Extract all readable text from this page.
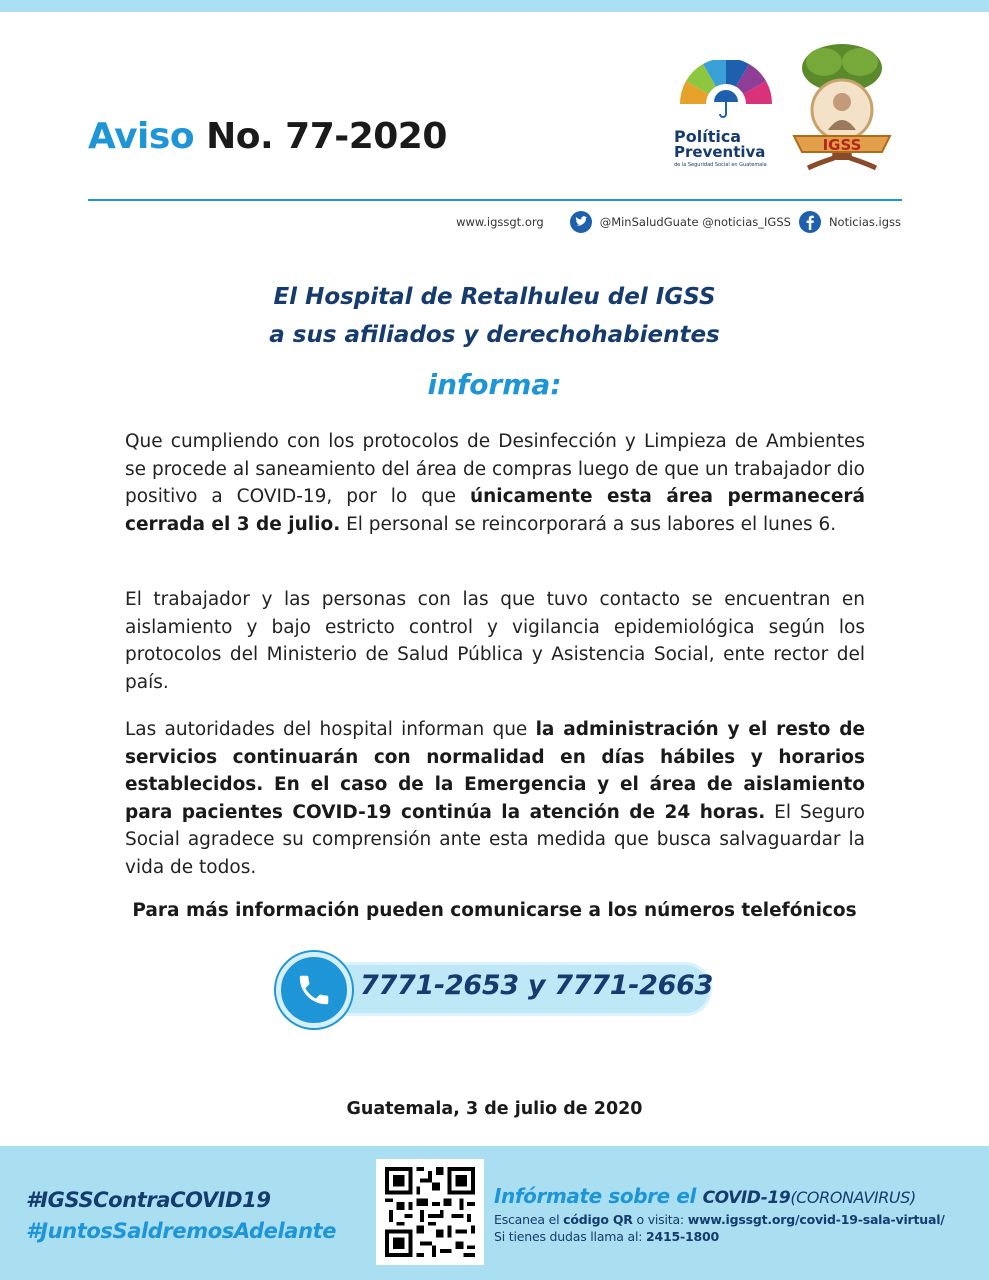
Aviso No. 77-2020	Política
Preventiva
de la Seguridad Social en Guatemala
IGSS
www.igssgt.org	@MinSaludGuate @noticias_IGSS	Noticias.igss
El Hospital de Retalhuleu del IGSS
a sus afiliados y derechohabientes
informa:
Que cumpliendo con los protocolos de Desinfección y Limpieza de Ambientes se procede al saneamiento del área de compras luego de que un trabajador dio positivo a COVID-19, por lo que únicamente esta área permanecerá cerrada el 3 de julio. El personal se reincorporará a sus labores el lunes 6.
El trabajador y las personas con las que tuvo contacto se encuentran en aislamiento y bajo estricto control y vigilancia epidemiológica según los protocolos del Ministerio de Salud Pública y Asistencia Social, ente rector del país.
Las autoridades del hospital informan que la administración y el resto de servicios continuarán con normalidad en días hábiles y horarios establecidos. En el caso de la Emergencia y el área de aislamiento para pacientes COVID-19 continúa la atención de 24 horas. El Seguro Social agradece su comprensión ante esta medida que busca salvaguardar la vida de todos.
Para más información pueden comunicarse a los números telefónicos
7771-2653 y 7771-2663
Guatemala, 3 de julio de 2020
#IGSSContraCOVID19
#JuntosSaldremosAdelante
Infórmate sobre el COVID-19(CORONAVIRUS)
Escanea el código QR o visita: www.igssgt.org/covid-19-sala-virtual/
Si tienes dudas llama al: 2415-1800
